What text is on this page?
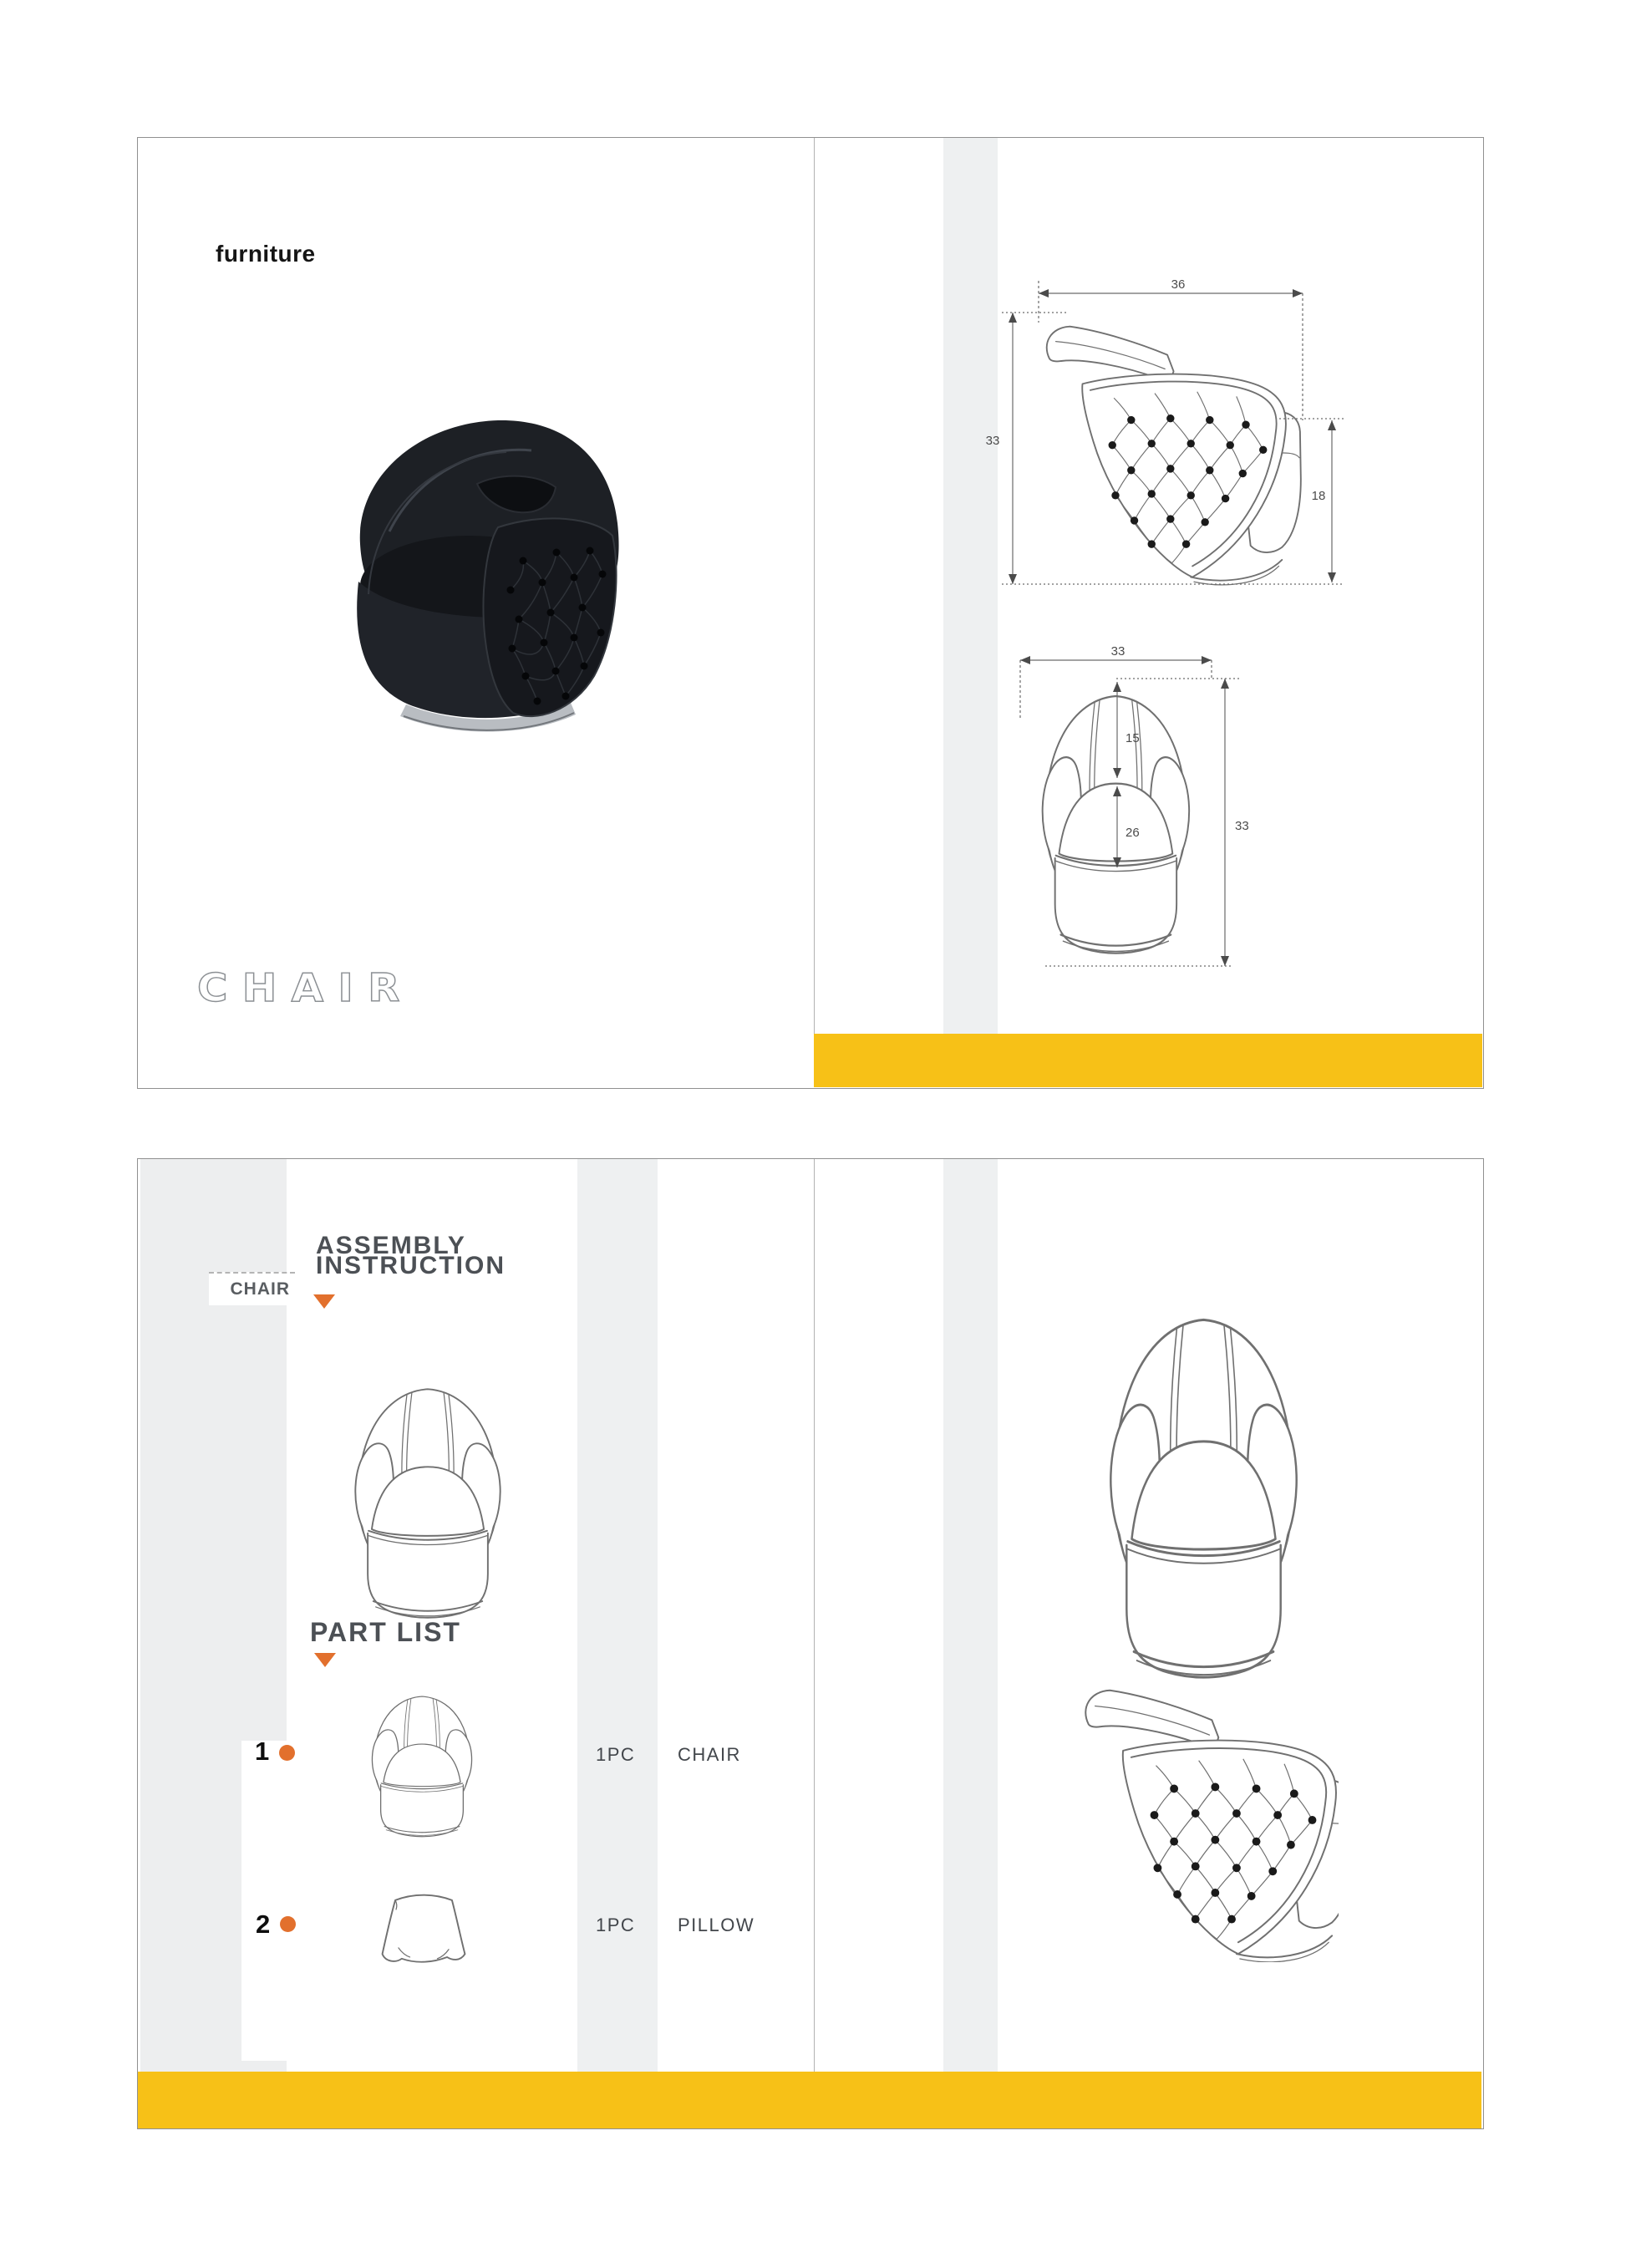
furniture
CHAIR
36
33
18
33
15
26	33
CHAIR
ASSEMBLY
INSTRUCTION
PART LIST
1	1PC CHAIR
2	1PC PILLOW
